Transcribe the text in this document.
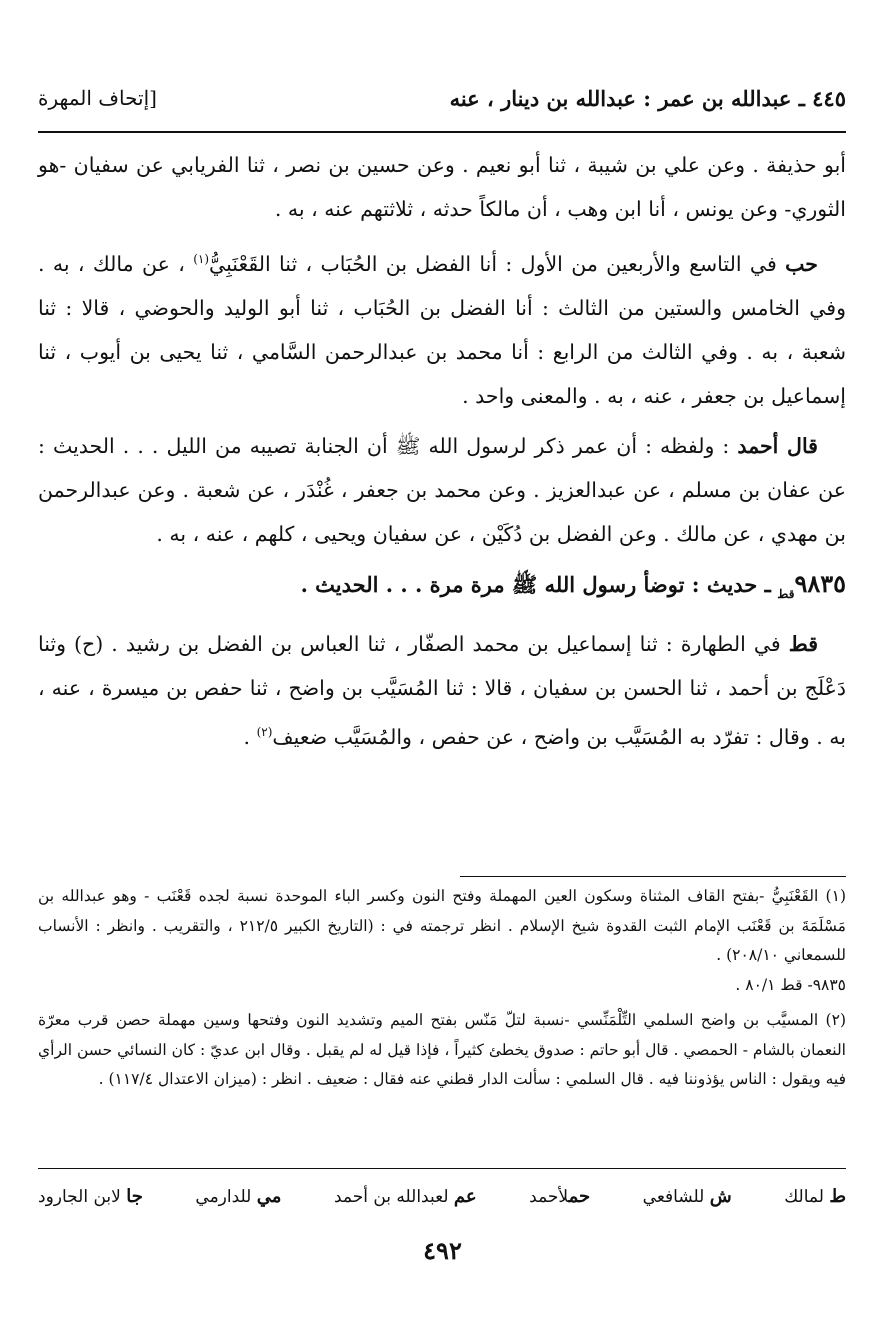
٤٤٥ ـ عبدالله بن عمر : عبدالله بن دينار ، عنه
[إتحاف المهرة

أبو حذيفة . وعن علي بن شيبة ، ثنا أبو نعيم . وعن حسين بن نصر ، ثنا الفريابي عن سفيان -هو الثوري- وعن يونس ، أنا ابن وهب ، أن مالكاً حدثه ، ثلاثتهم عنه ، به .

حب في التاسع والأربعين من الأول : أنا الفضل بن الحُبَاب ، ثنا القَعْنَبِيُّ$^{(١)}$ ، عن مالك ، به . وفي الخامس والستين من الثالث : أنا الفضل بن الحُبَاب ، ثنا أبو الوليد والحوضي ، قالا : ثنا شعبة ، به . وفي الثالث من الرابع : أنا محمد بن عبدالرحمن السَّامي ، ثنا يحيى بن أيوب ، ثنا إسماعيل بن جعفر ، عنه ، به . والمعنى واحد .

قال أحمد : ولفظه : أن عمر ذكر لرسول الله ﷺ أن الجنابة تصيبه من الليل . . . الحديث : عن عفان بن مسلم ، عن عبدالعزيز . وعن محمد بن جعفر ، غُنْدَر ، عن شعبة . وعن عبدالرحمن بن مهدي ، عن مالك . وعن الفضل بن دُكَيْن ، عن سفيان ويحيى ، كلهم ، عنه ، به .

$٩٨٣٥_{قط}$ ـ حديث : توضأ رسول الله ﷺ مرة مرة . . . الحديث .

قط في الطهارة : ثنا إسماعيل بن محمد الصفّار ، ثنا العباس بن الفضل بن رشيد . (ح) وثنا دَعْلَج بن أحمد ، ثنا الحسن بن سفيان ، قالا : ثنا المُسَيَّب بن واضح ، ثنا حفص بن ميسرة ، عنه ، به . وقال : تفرّد به المُسَيَّب بن واضح ، عن حفص ، والمُسَيَّب ضعيف$^{(٢)}$ .

(١) القَعْنَبِيُّ -بفتح القاف المثناة وسكون العين المهملة وفتح النون وكسر الباء الموحدة نسبة لجده قَعْنَب - وهو عبدالله بن مَسْلَمَةَ بن قَعْنَب الإمام الثبت القدوة شيخ الإسلام . انظر ترجمته في : (التاريخ الكبير ٢١٢/٥ ، والتقريب . وانظر : الأنساب للسمعاني ٢٠٨/١٠) .

٩٨٣٥- قط ٨٠/١ .

(٢) المسيَّب بن واضح السلمي التِّلْمَنِّسي -نسبة لتلّ مَنّس بفتح الميم وتشديد النون وفتحها وسين مهملة حصن قرب معرّة النعمان بالشام - الحمصي . قال أبو حاتم : صدوق يخطئ كثيراً ، فإذا قيل له لم يقبل . وقال ابن عديّ : كان النسائي حسن الرأي فيه ويقول : الناس يؤذوننا فيه . قال السلمي : سألت الدار قطني عنه فقال : ضعيف . انظر : (ميزان الاعتدال ١١٧/٤) .

ط لمالك
ش للشافعي
حملأحمد
عم لعبدالله بن أحمد
مي للدارمي
جا لابن الجارود
٤٩٢
